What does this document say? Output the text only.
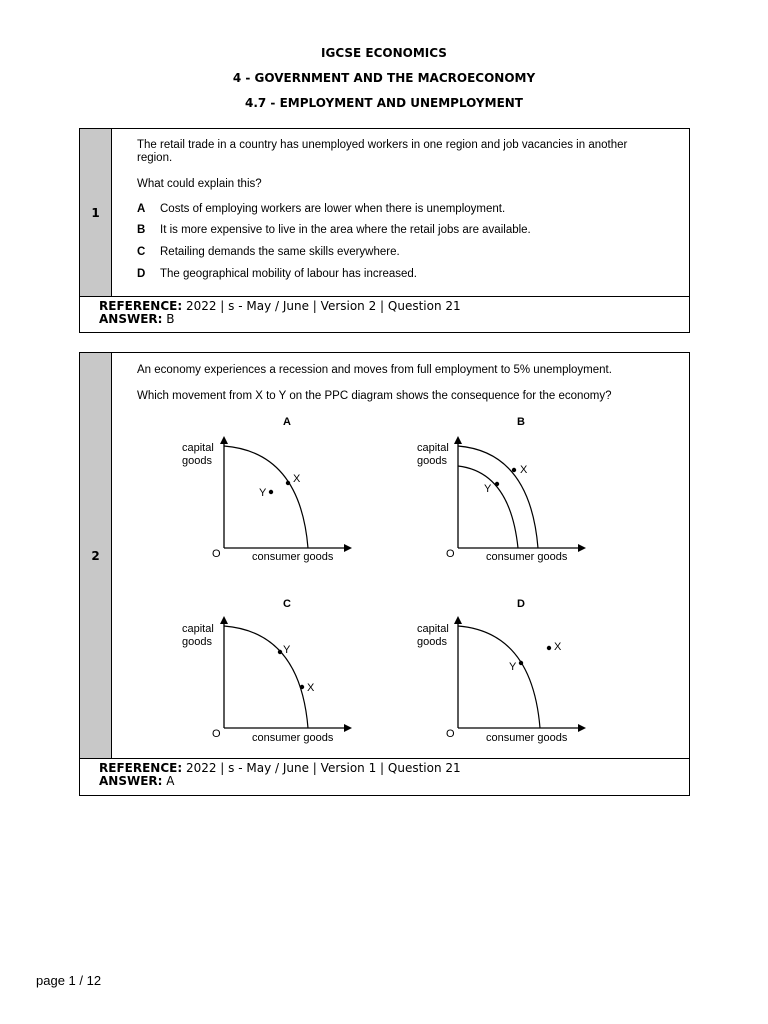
IGCSE ECONOMICS
4 - GOVERNMENT AND THE MACROECONOMY
4.7 - EMPLOYMENT AND UNEMPLOYMENT
1
The retail trade in a country has unemployed workers in one region and job vacancies in another
region.
What could explain this?
A Costs of employing workers are lower when there is unemployment.
B It is more expensive to live in the area where the retail jobs are available.
C Retailing demands the same skills everywhere.
D The geographical mobility of labour has increased.
REFERENCE: 2022 | s - May / June | Version 2 | Question 21
ANSWER: B
2
An economy experiences a recession and moves from full employment to 5% unemployment.
Which movement from X to Y on the PPC diagram shows the consequence for the economy?
A
X
Y
capital
goods
O	consumer goods
B
X
Y
capital
goods
O	consumer goods
C
Y
X
capital
goods
O	consumer goods
D
X
Y
capital
goods
O	consumer goods
REFERENCE: 2022 | s - May / June | Version 1 | Question 21
ANSWER: A
page 1 / 12
